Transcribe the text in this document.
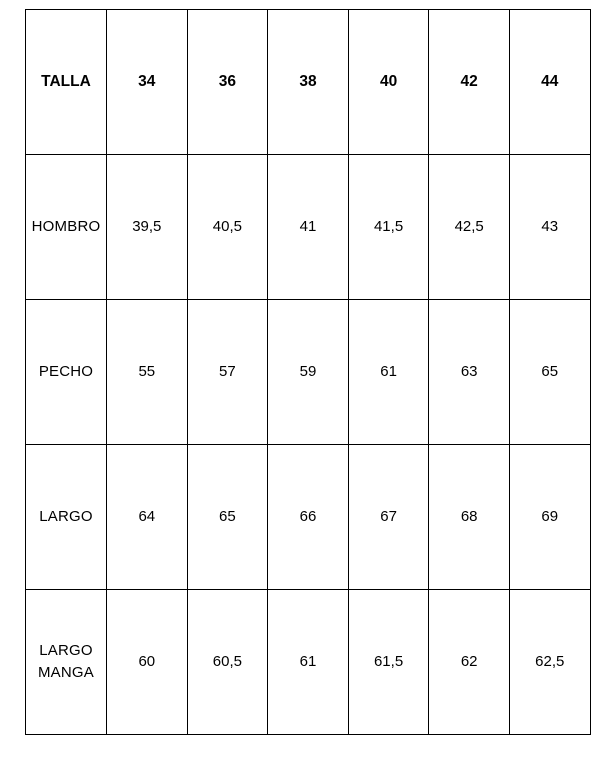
TALLA	34	36	38	40	42	44
HOMBRO	39,5	40,5	41	41,5	42,5	43
PECHO	55	57	59	61	63	65
LARGO	64	65	66	67	68	69
LARGO
MANGA	60	60,5	61	61,5	62	62,5
